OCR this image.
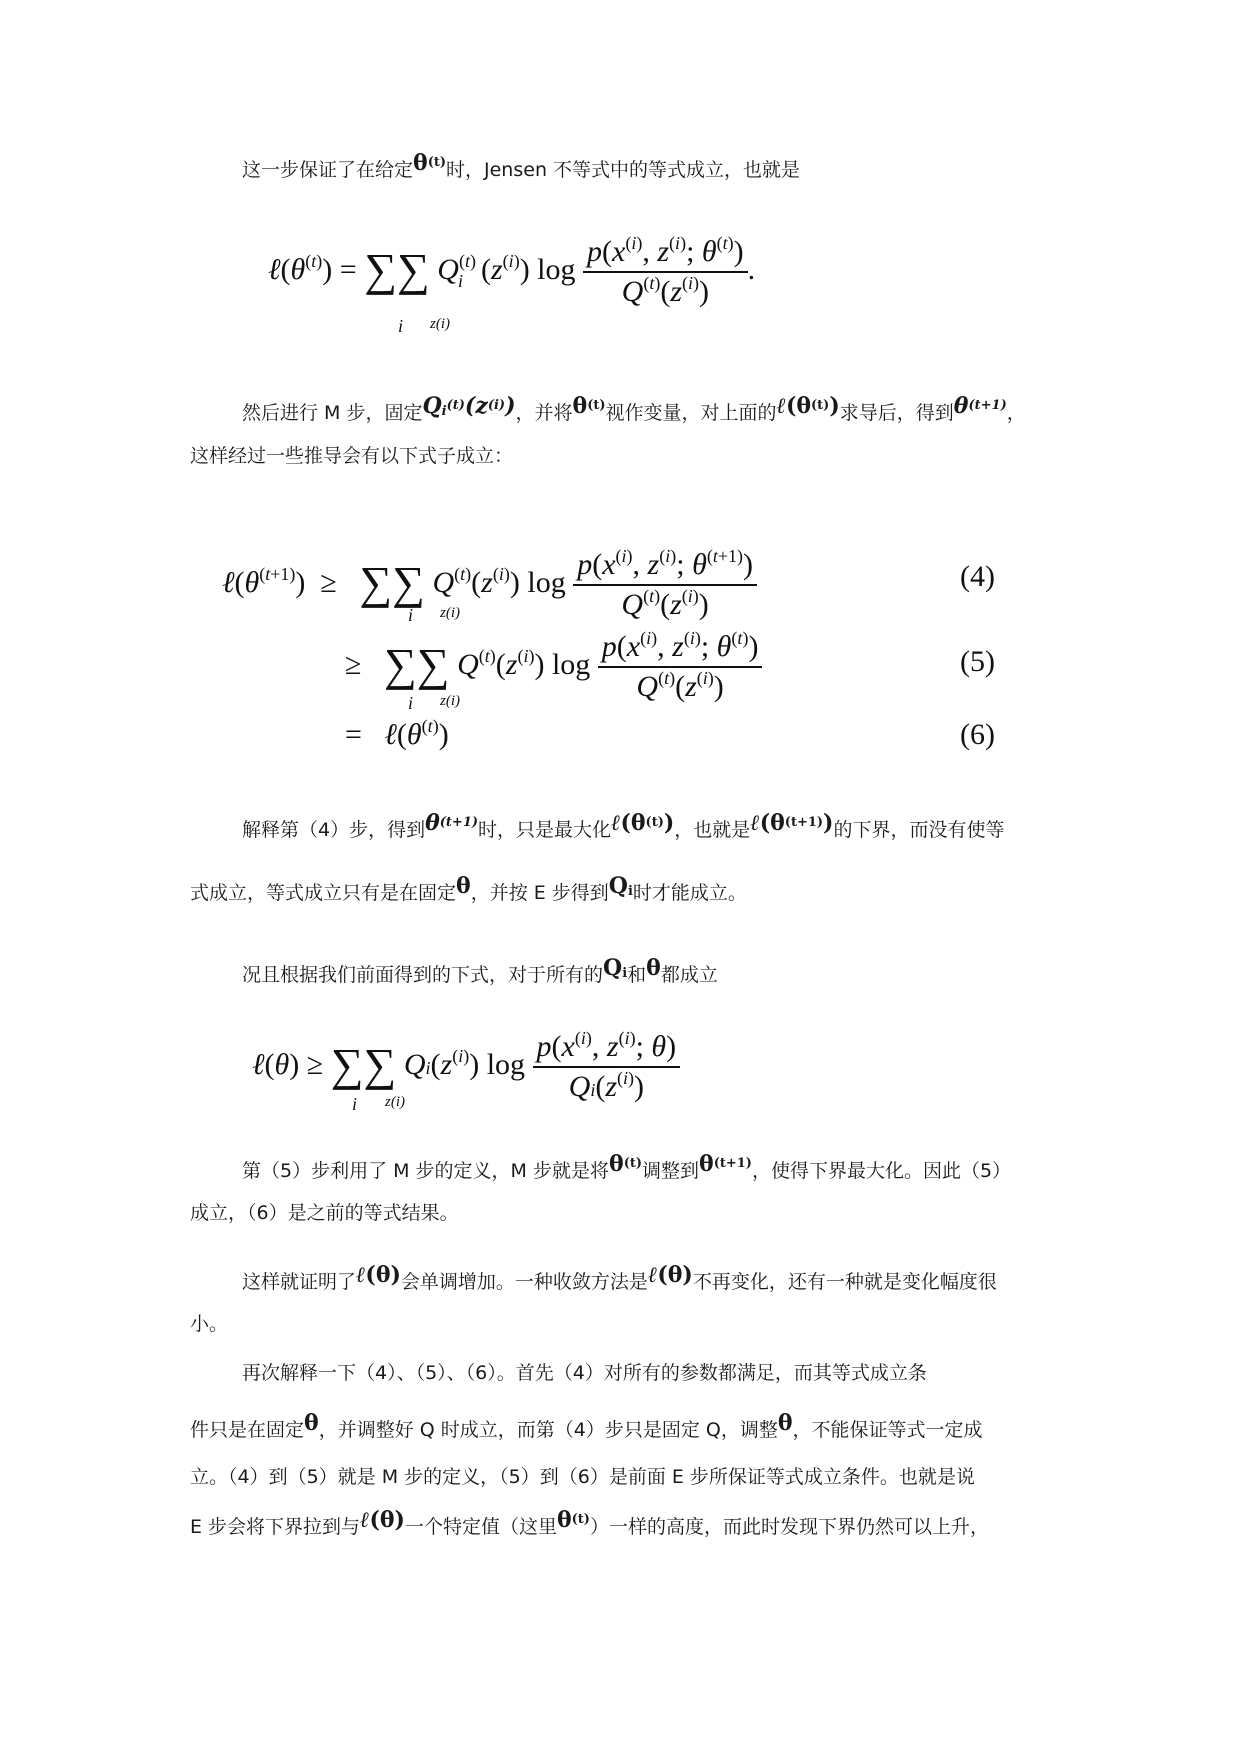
这一步保证了在给定$\theta^{(t)}$时，Jensen 不等式中的等式成立，也就是
$\ell(\theta^{(t)})$ = ∑∑ $Q^{(t)}_i$ $(z^{(i)})$ $\log \frac{p(x^{(i)}, z^{(i)}; \theta^{(t)})}{Q^{(t)}(z^{(i)})}$ .
i z(i)
然后进行 M 步，固定$Q_i^{(t)}(z^{(i)})$，并将$\theta^{(t)}$视作变量，对上面的$\ell(\theta^{(t)})$求导后，得到$\theta^{(t+1)}$，
这样经过一些推导会有以下式子成立：
$\ell(\theta^{(t+1)})$  ≥ ∑∑ $Q^{(t)}(z^{(i)})$ $\log \frac{p(x^{(i)}, z^{(i)}; \theta^{(t+1)})}{Q^{(t)}(z^{(i)})}$
i z(i)
(4)
≥ ∑∑ $Q^{(t)}(z^{(i)})$ $\log \frac{p(x^{(i)}, z^{(i)}; \theta^{(t)})}{Q^{(t)}(z^{(i)})}$
i z(i)
(5)
= $\ell(\theta^{(t)})$	(6)
解释第（4）步，得到$\theta^{(t+1)}$时，只是最大化$\ell(\theta^{(t)})$，也就是$\ell(\theta^{(t+1)})$的下界，而没有使等
式成立，等式成立只有是在固定θ，并按 E 步得到$Q_i$时才能成立。
况且根据我们前面得到的下式，对于所有的$Q_i$和θ都成立
ℓ(θ) ≥ ∑∑ $Qi(z^{(i)})$ $\log \frac{p(x^{(i)}, z^{(i)}; \theta)}{Qi(z^{(i)})}$
i z(i)
第（5）步利用了 M 步的定义，M 步就是将$\theta^{(t)}$调整到$\theta^{(t+1)}$，使得下界最大化。因此（5）
成立，（6）是之前的等式结果。
这样就证明了ℓ(θ)会单调增加。一种收敛方法是ℓ(θ)不再变化，还有一种就是变化幅度很
小。
再次解释一下（4）、（5）、（6）。首先（4）对所有的参数都满足，而其等式成立条
件只是在固定θ，并调整好 Q 时成立，而第（4）步只是固定 Q，调整θ，不能保证等式一定成
立。（4）到（5）就是 M 步的定义，（5）到（6）是前面 E 步所保证等式成立条件。也就是说
E 步会将下界拉到与ℓ(θ)一个特定值（这里$\theta^{(t)}$）一样的高度，而此时发现下界仍然可以上升，
